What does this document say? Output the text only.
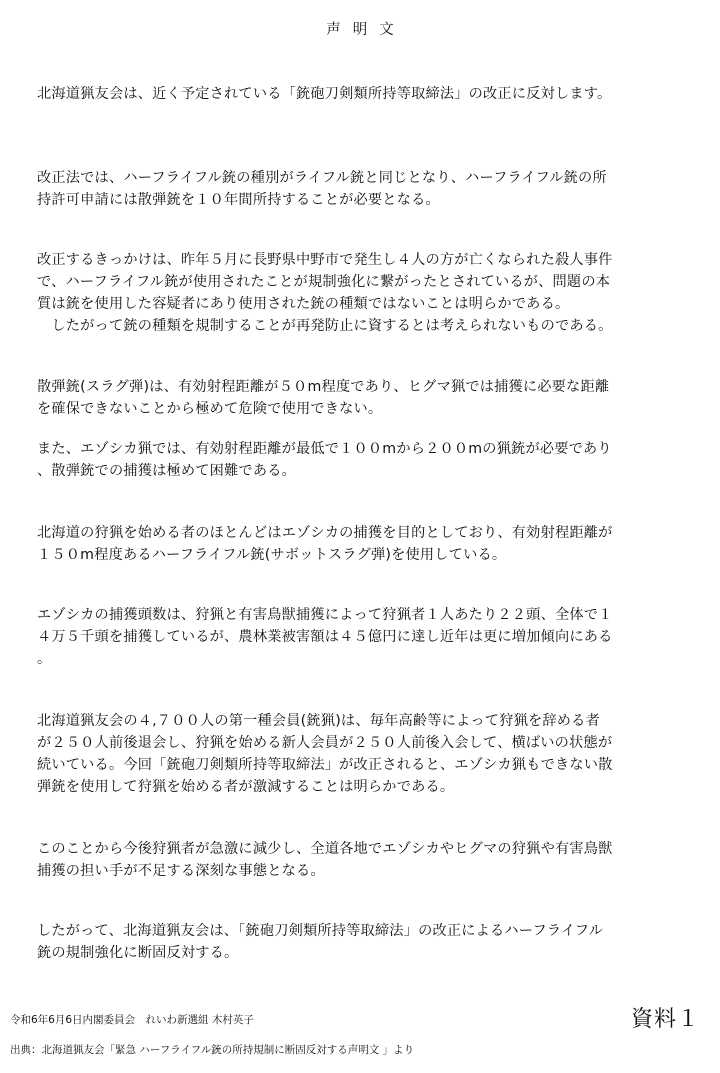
声明文

北海道猟友会は、近く予定されている「銃砲刀剣類所持等取締法」の改正に反対します。

改正法では、ハーフライフル銃の種別がライフル銃と同じとなり、ハーフライフル銃の所
持許可申請には散弾銃を１０年間所持することが必要となる。

改正するきっかけは、昨年５月に長野県中野市で発生し４人の方が亡くなられた殺人事件
で、ハーフライフル銃が使用されたことが規制強化に繋がったとされているが、問題の本
質は銃を使用した容疑者にあり使用された銃の種類ではないことは明らかである。
　したがって銃の種類を規制することが再発防止に資するとは考えられないものである。

散弾銃(スラグ弾)は、有効射程距離が５０m程度であり、ヒグマ猟では捕獲に必要な距離
を確保できないことから極めて危険で使用できない。

また、エゾシカ猟では、有効射程距離が最低で１００mから２００mの猟銃が必要であり
、散弾銃での捕獲は極めて困難である。

北海道の狩猟を始める者のほとんどはエゾシカの捕獲を目的としており、有効射程距離が
１５０m程度あるハーフライフル銃(サボットスラグ弾)を使用している。

エゾシカの捕獲頭数は、狩猟と有害鳥獣捕獲によって狩猟者１人あたり２２頭、全体で１
４万５千頭を捕獲しているが、農林業被害額は４５億円に達し近年は更に増加傾向にある
。

北海道猟友会の４,７００人の第一種会員(銃猟)は、毎年高齢等によって狩猟を辞める者
が２５０人前後退会し、狩猟を始める新人会員が２５０人前後入会して、横ばいの状態が
続いている。今回「銃砲刀剣類所持等取締法」が改正されると、エゾシカ猟もできない散
弾銃を使用して狩猟を始める者が激減することは明らかである。

このことから今後狩猟者が急激に減少し、全道各地でエゾシカやヒグマの狩猟や有害鳥獣
捕獲の担い手が不足する深刻な事態となる。

したがって、北海道猟友会は、「銃砲刀剣類所持等取締法」の改正によるハーフライフル
銃の規制強化に断固反対する。

令和6年6月6日内閣委員会　れいわ新選組 木村英子

出典：北海道猟友会「緊急 ハーフライフル銃の所持規制に断固反対する声明文 」より

資料１
